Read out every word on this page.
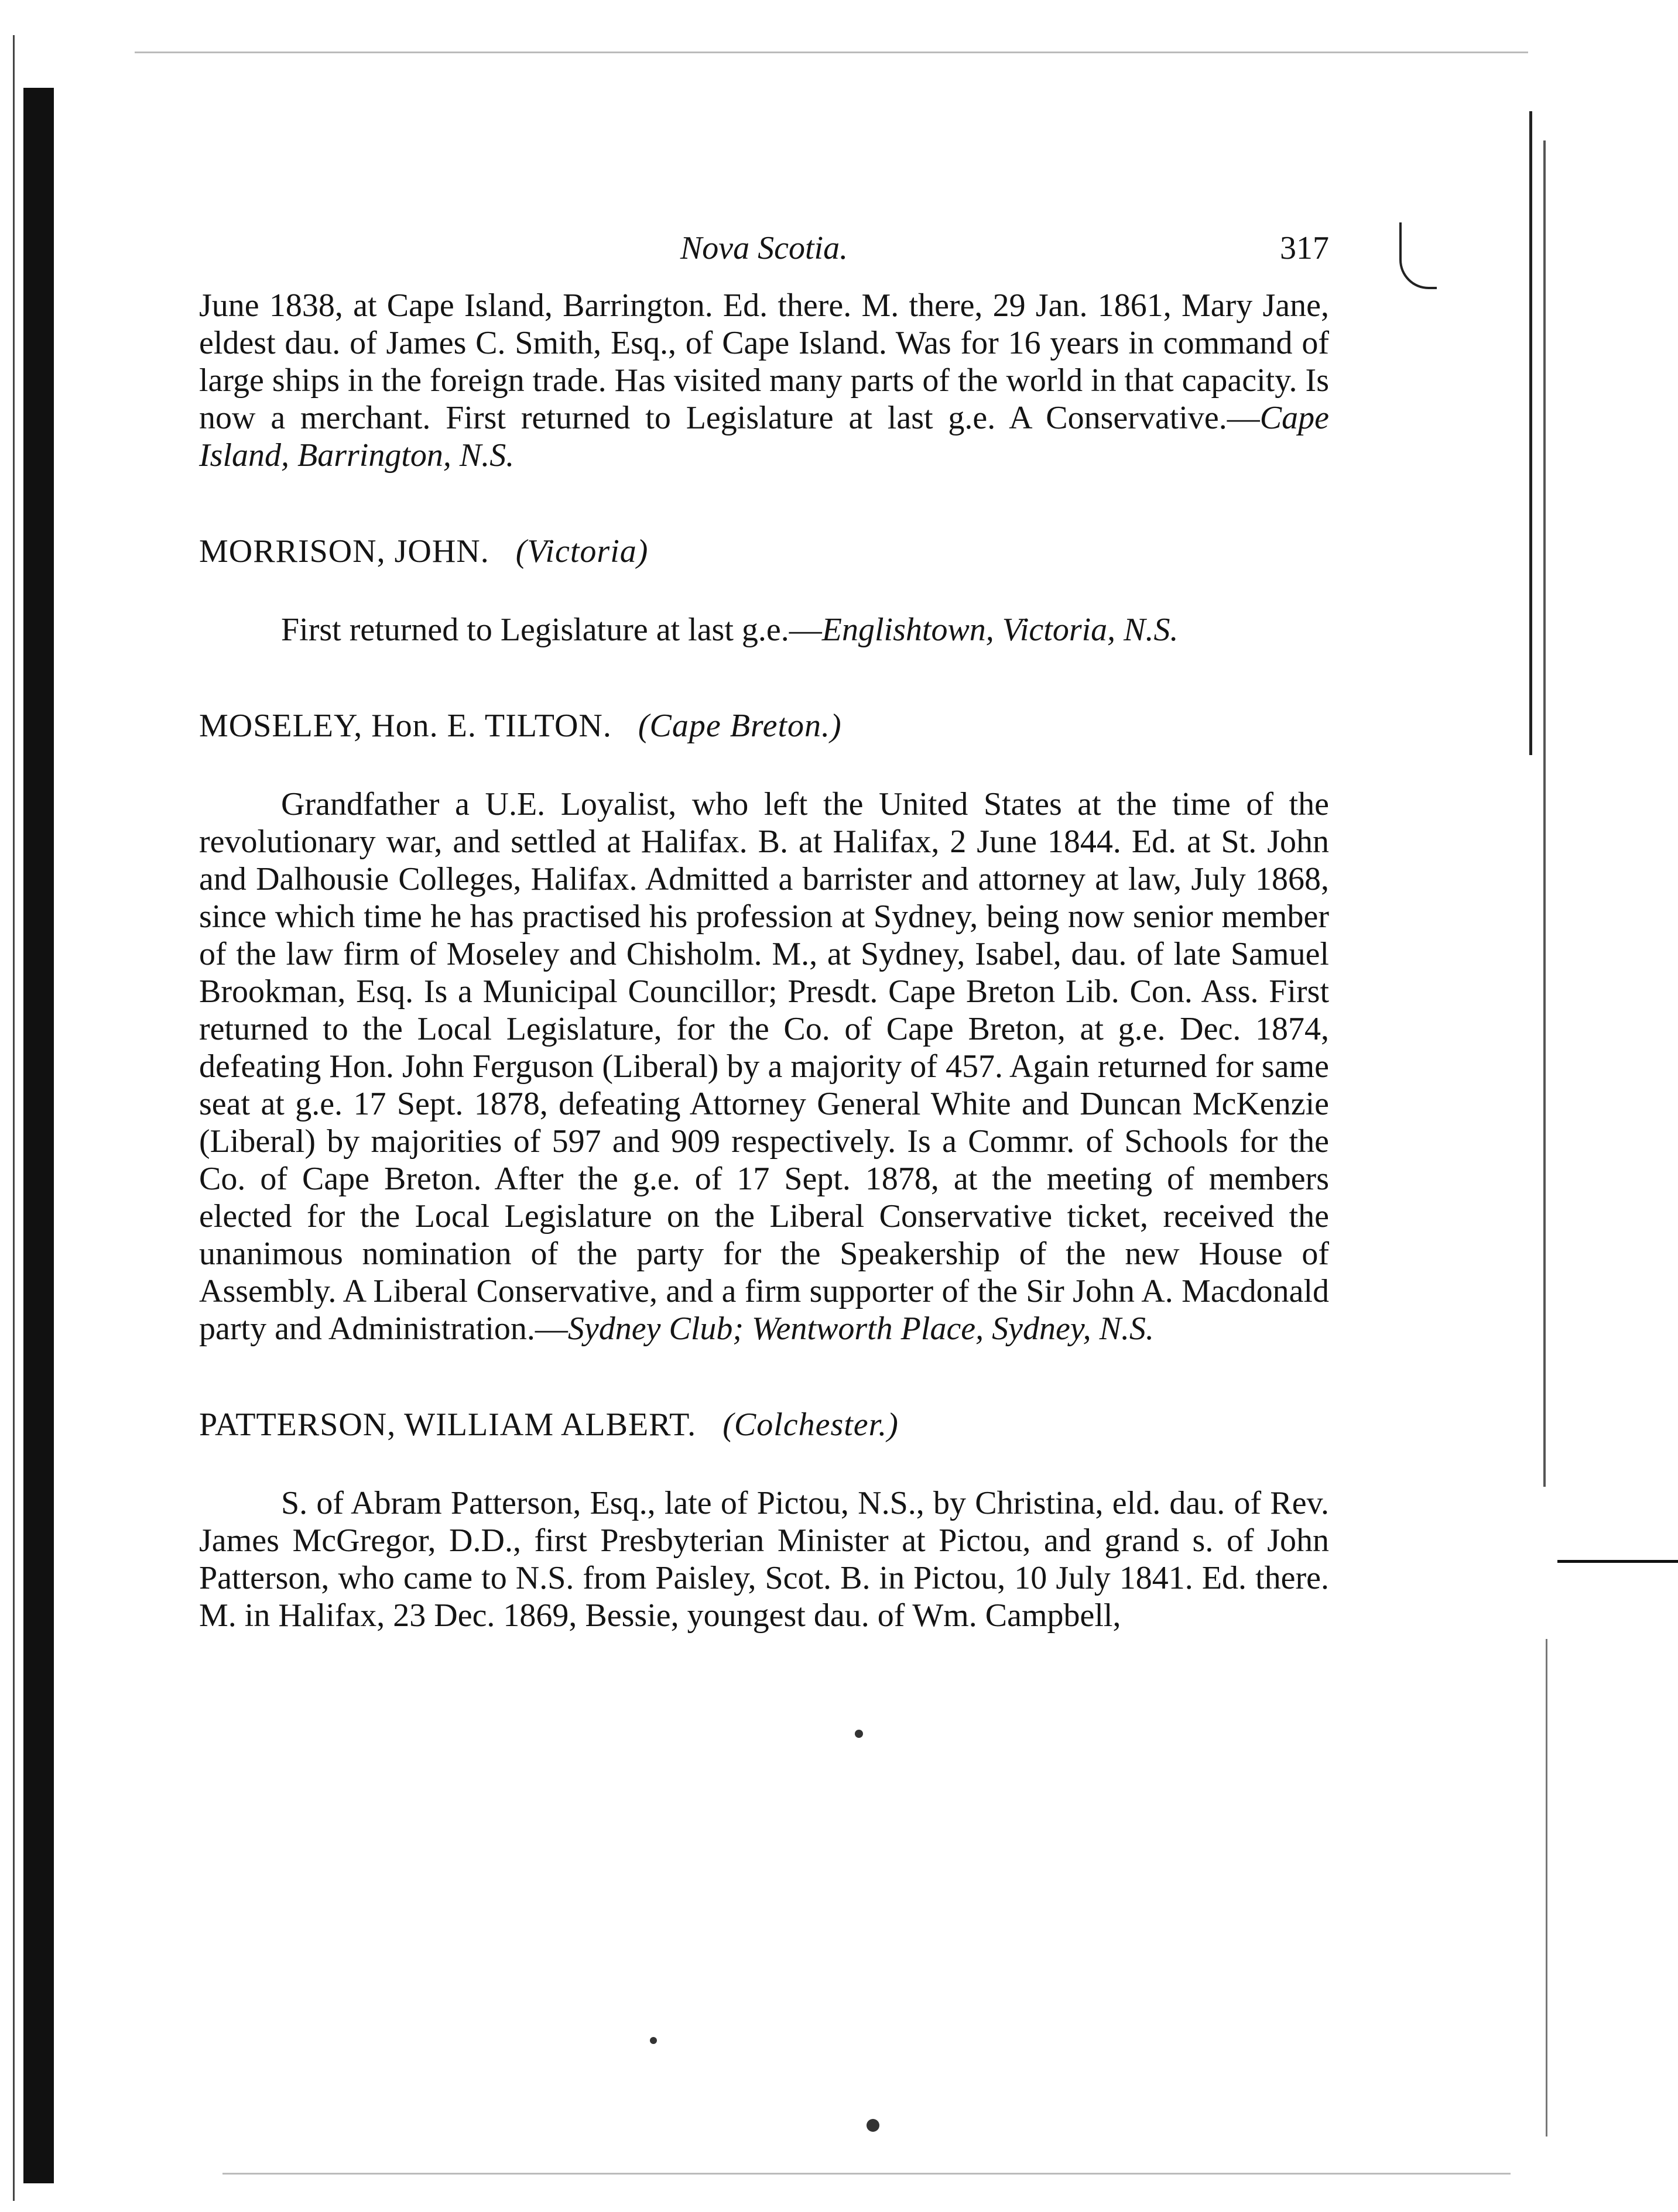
Nova Scotia.	317

June 1838, at Cape Island, Barrington. Ed. there. M. there, 29 Jan. 1861, Mary Jane, eldest dau. of James C. Smith, Esq., of Cape Island. Was for 16 years in command of large ships in the foreign trade. Has visited many parts of the world in that capacity. Is now a merchant. First returned to Legislature at last g.e. A Conservative.—Cape Island, Barrington, N.S.

MORRISON, JOHN. (Victoria)

First returned to Legislature at last g.e.—Englishtown, Victoria, N.S.

MOSELEY, Hon. E. TILTON. (Cape Breton.)

Grandfather a U.E. Loyalist, who left the United States at the time of the revolutionary war, and settled at Halifax. B. at Halifax, 2 June 1844. Ed. at St. John and Dalhousie Colleges, Halifax. Admitted a barrister and attorney at law, July 1868, since which time he has practised his profession at Sydney, being now senior member of the law firm of Moseley and Chisholm. M., at Sydney, Isabel, dau. of late Samuel Brookman, Esq. Is a Municipal Councillor; Presdt. Cape Breton Lib. Con. Ass. First returned to the Local Legislature, for the Co. of Cape Breton, at g.e. Dec. 1874, defeating Hon. John Ferguson (Liberal) by a majority of 457. Again returned for same seat at g.e. 17 Sept. 1878, defeating Attorney General White and Duncan McKenzie (Liberal) by majorities of 597 and 909 respectively. Is a Commr. of Schools for the Co. of Cape Breton. After the g.e. of 17 Sept. 1878, at the meeting of members elected for the Local Legislature on the Liberal Conservative ticket, received the unanimous nomination of the party for the Speakership of the new House of Assembly. A Liberal Conservative, and a firm supporter of the Sir John A. Macdonald party and Administration.—Sydney Club; Wentworth Place, Sydney, N.S.

PATTERSON, WILLIAM ALBERT. (Colchester.)

S. of Abram Patterson, Esq., late of Pictou, N.S., by Christina, eld. dau. of Rev. James McGregor, D.D., first Presbyterian Minister at Pictou, and grand s. of John Patterson, who came to N.S. from Paisley, Scot. B. in Pictou, 10 July 1841. Ed. there. M. in Halifax, 23 Dec. 1869, Bessie, youngest dau. of Wm. Campbell,
